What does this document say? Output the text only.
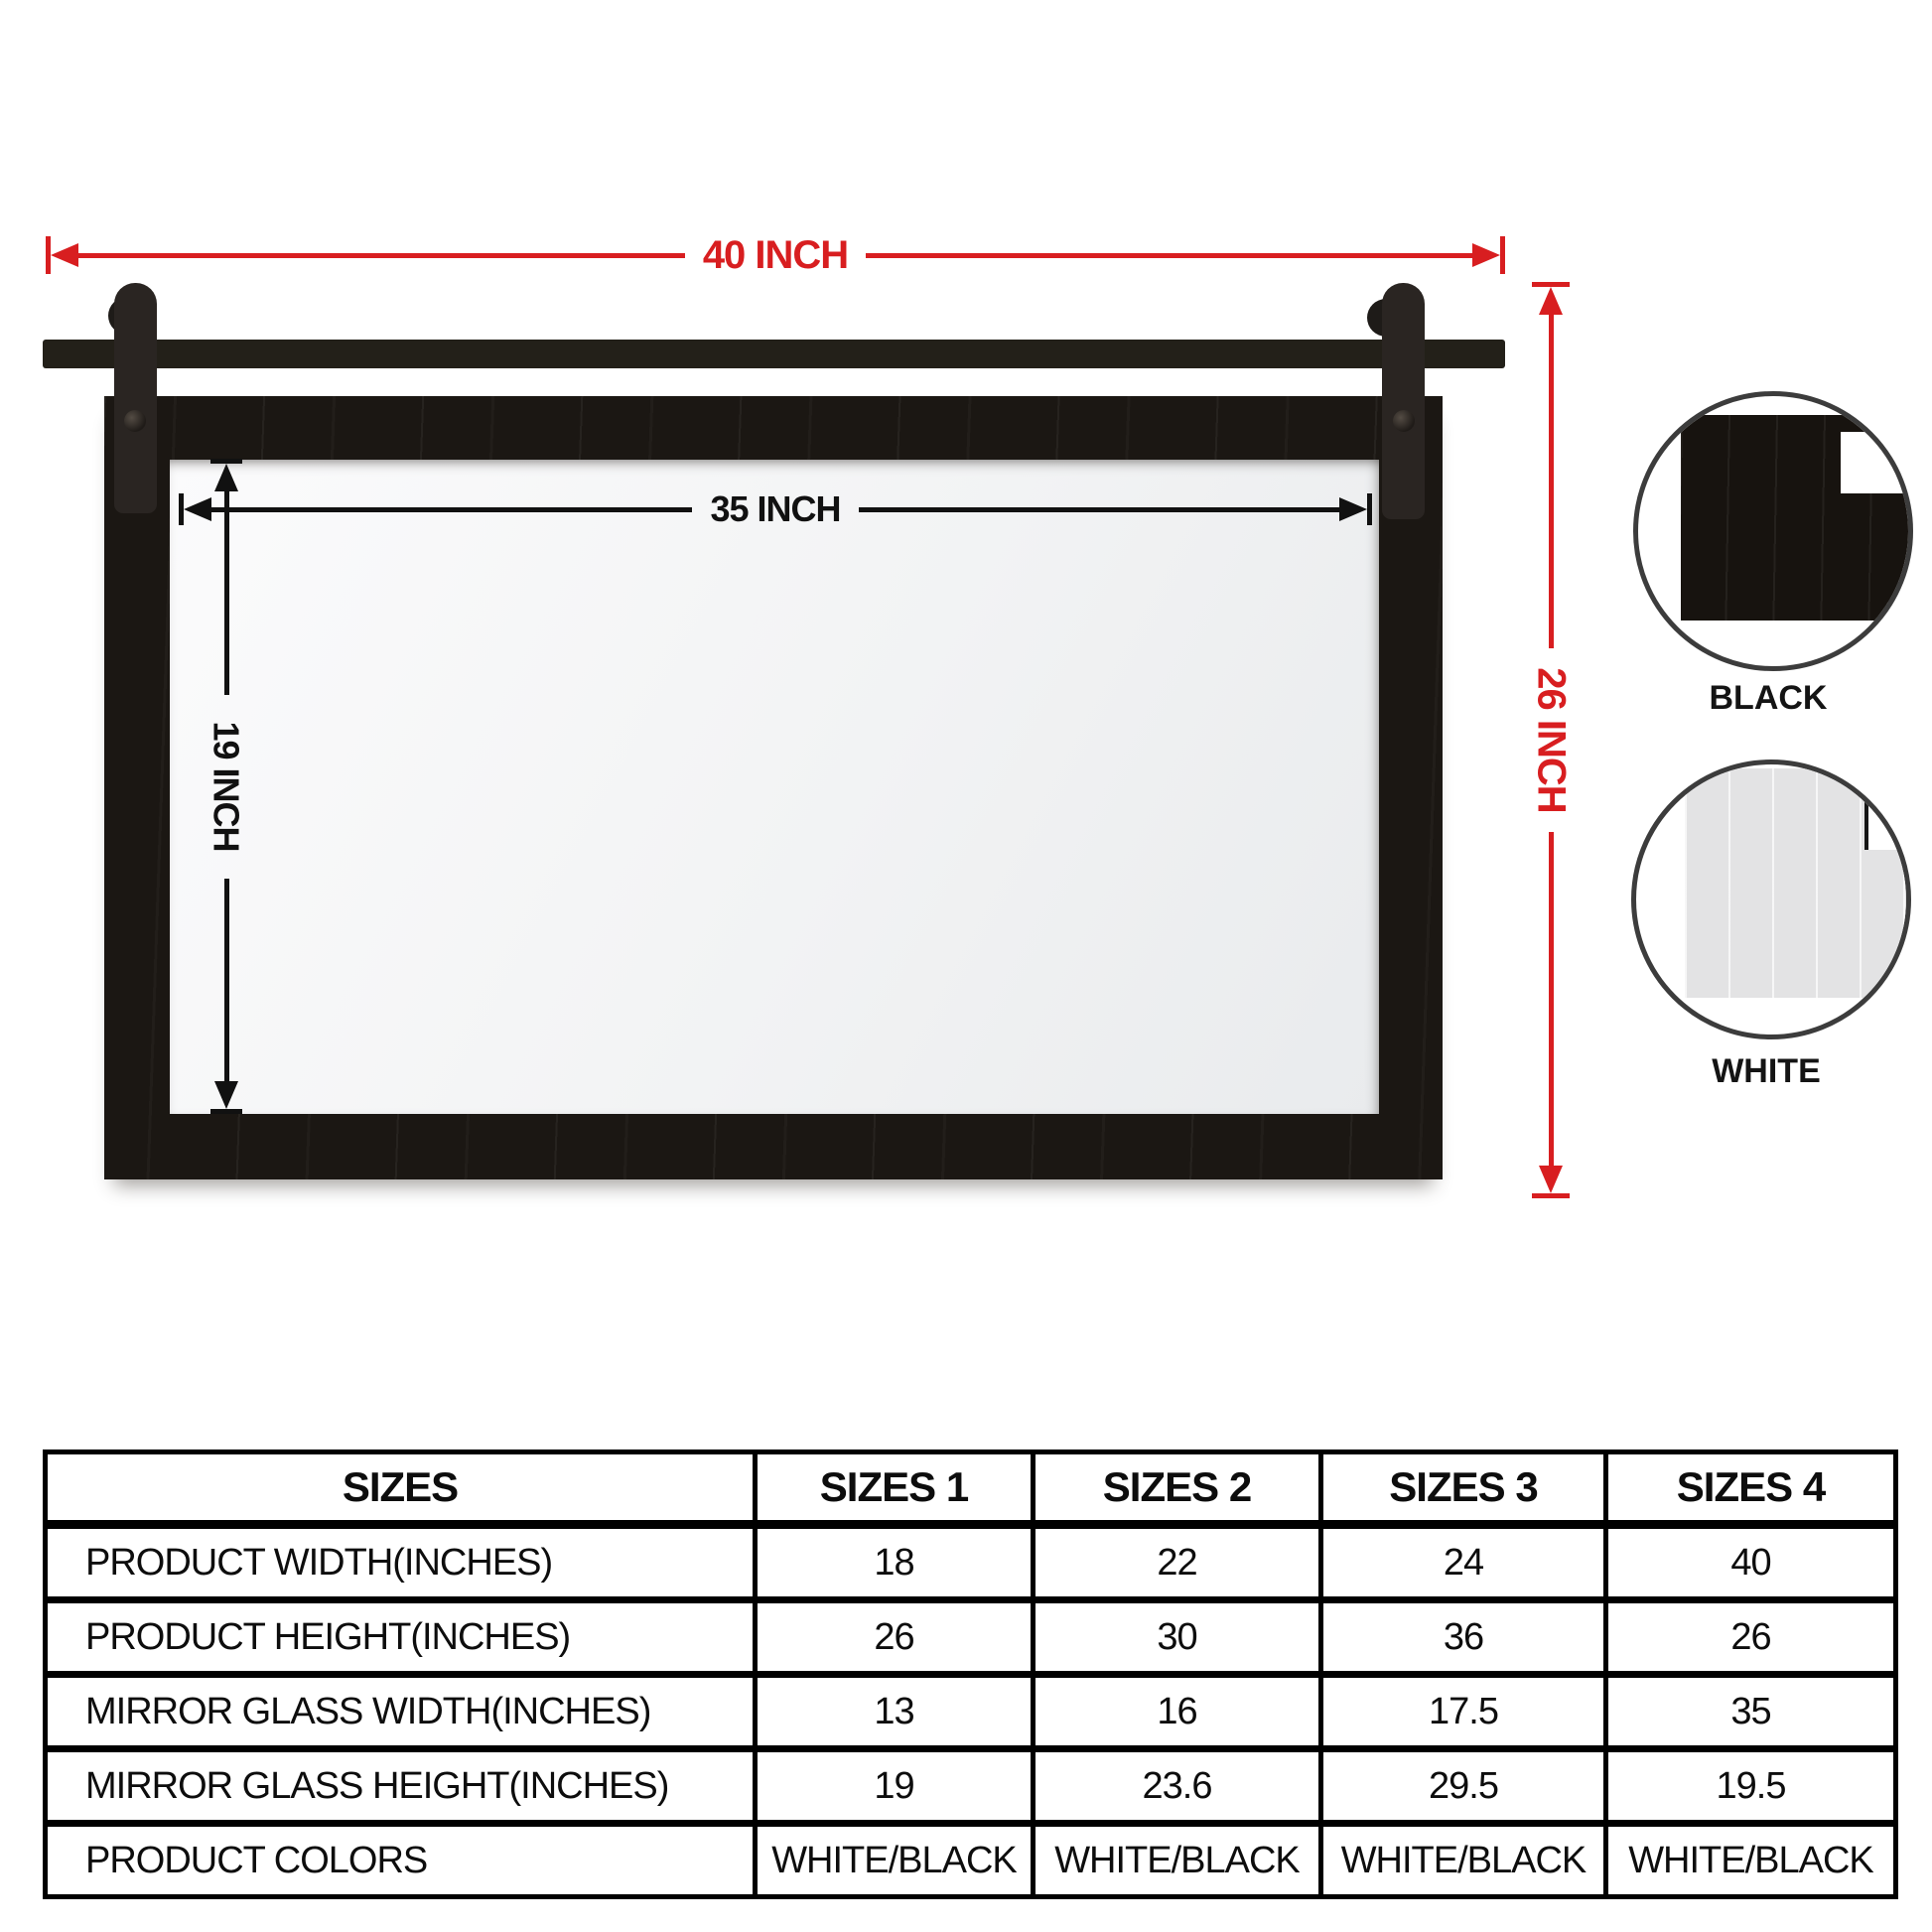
40 INCH
35 INCH
19 INCH	26 INCH	BLACK
WHITE
SIZES	SIZES 1	SIZES 2	SIZES 3	SIZES 4
PRODUCT WIDTH(INCHES)	18	22	24	40
PRODUCT HEIGHT(INCHES)	26	30	36	26
MIRROR GLASS WIDTH(INCHES)	13	16	17.5	35
MIRROR GLASS HEIGHT(INCHES)	19	23.6	29.5	19.5
PRODUCT COLORS	WHITE/BLACK	WHITE/BLACK	WHITE/BLACK	WHITE/BLACK
